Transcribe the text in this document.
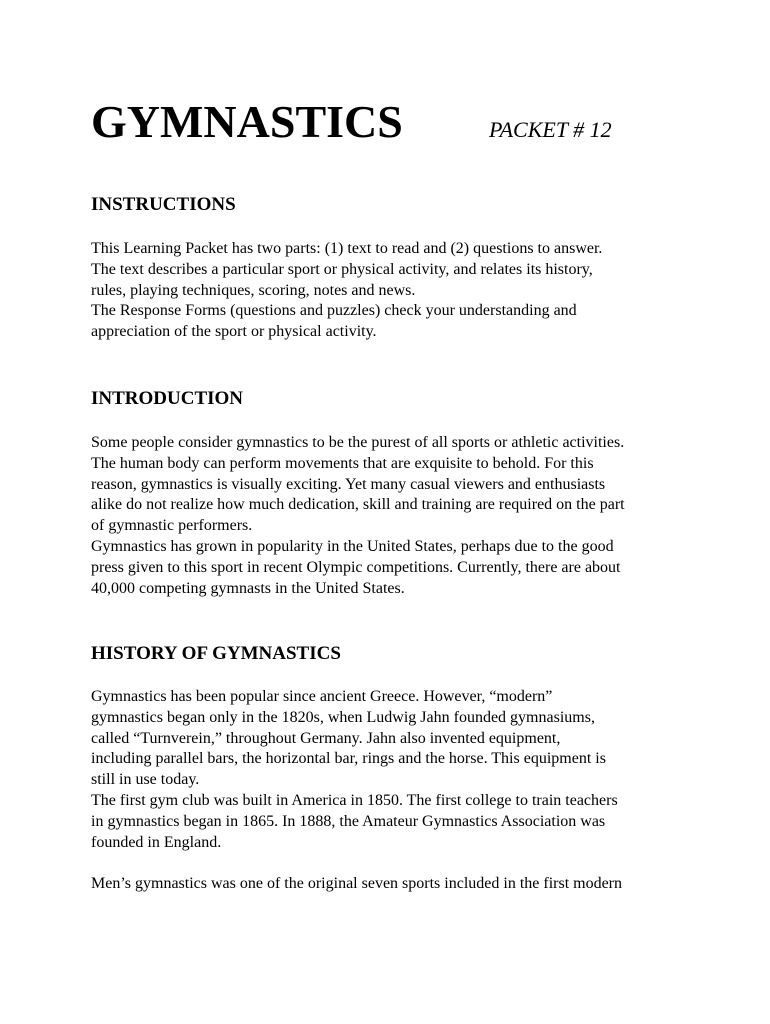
GYMNASTICS	PACKET # 12
INSTRUCTIONS
This Learning Packet has two parts: (1) text to read and (2) questions to answer.
The text describes a particular sport or physical activity, and relates its history,
rules, playing techniques, scoring, notes and news.
The Response Forms (questions and puzzles) check your understanding and
appreciation of the sport or physical activity.
INTRODUCTION
Some people consider gymnastics to be the purest of all sports or athletic activities.
The human body can perform movements that are exquisite to behold. For this
reason, gymnastics is visually exciting. Yet many casual viewers and enthusiasts
alike do not realize how much dedication, skill and training are required on the part
of gymnastic performers.
Gymnastics has grown in popularity in the United States, perhaps due to the good
press given to this sport in recent Olympic competitions. Currently, there are about
40,000 competing gymnasts in the United States.
HISTORY OF GYMNASTICS
Gymnastics has been popular since ancient Greece. However, “modern”
gymnastics began only in the 1820s, when Ludwig Jahn founded gymnasiums,
called “Turnverein,” throughout Germany. Jahn also invented equipment,
including parallel bars, the horizontal bar, rings and the horse. This equipment is
still in use today.
The first gym club was built in America in 1850. The first college to train teachers
in gymnastics began in 1865. In 1888, the Amateur Gymnastics Association was
founded in England.
Men’s gymnastics was one of the original seven sports included in the first modern
